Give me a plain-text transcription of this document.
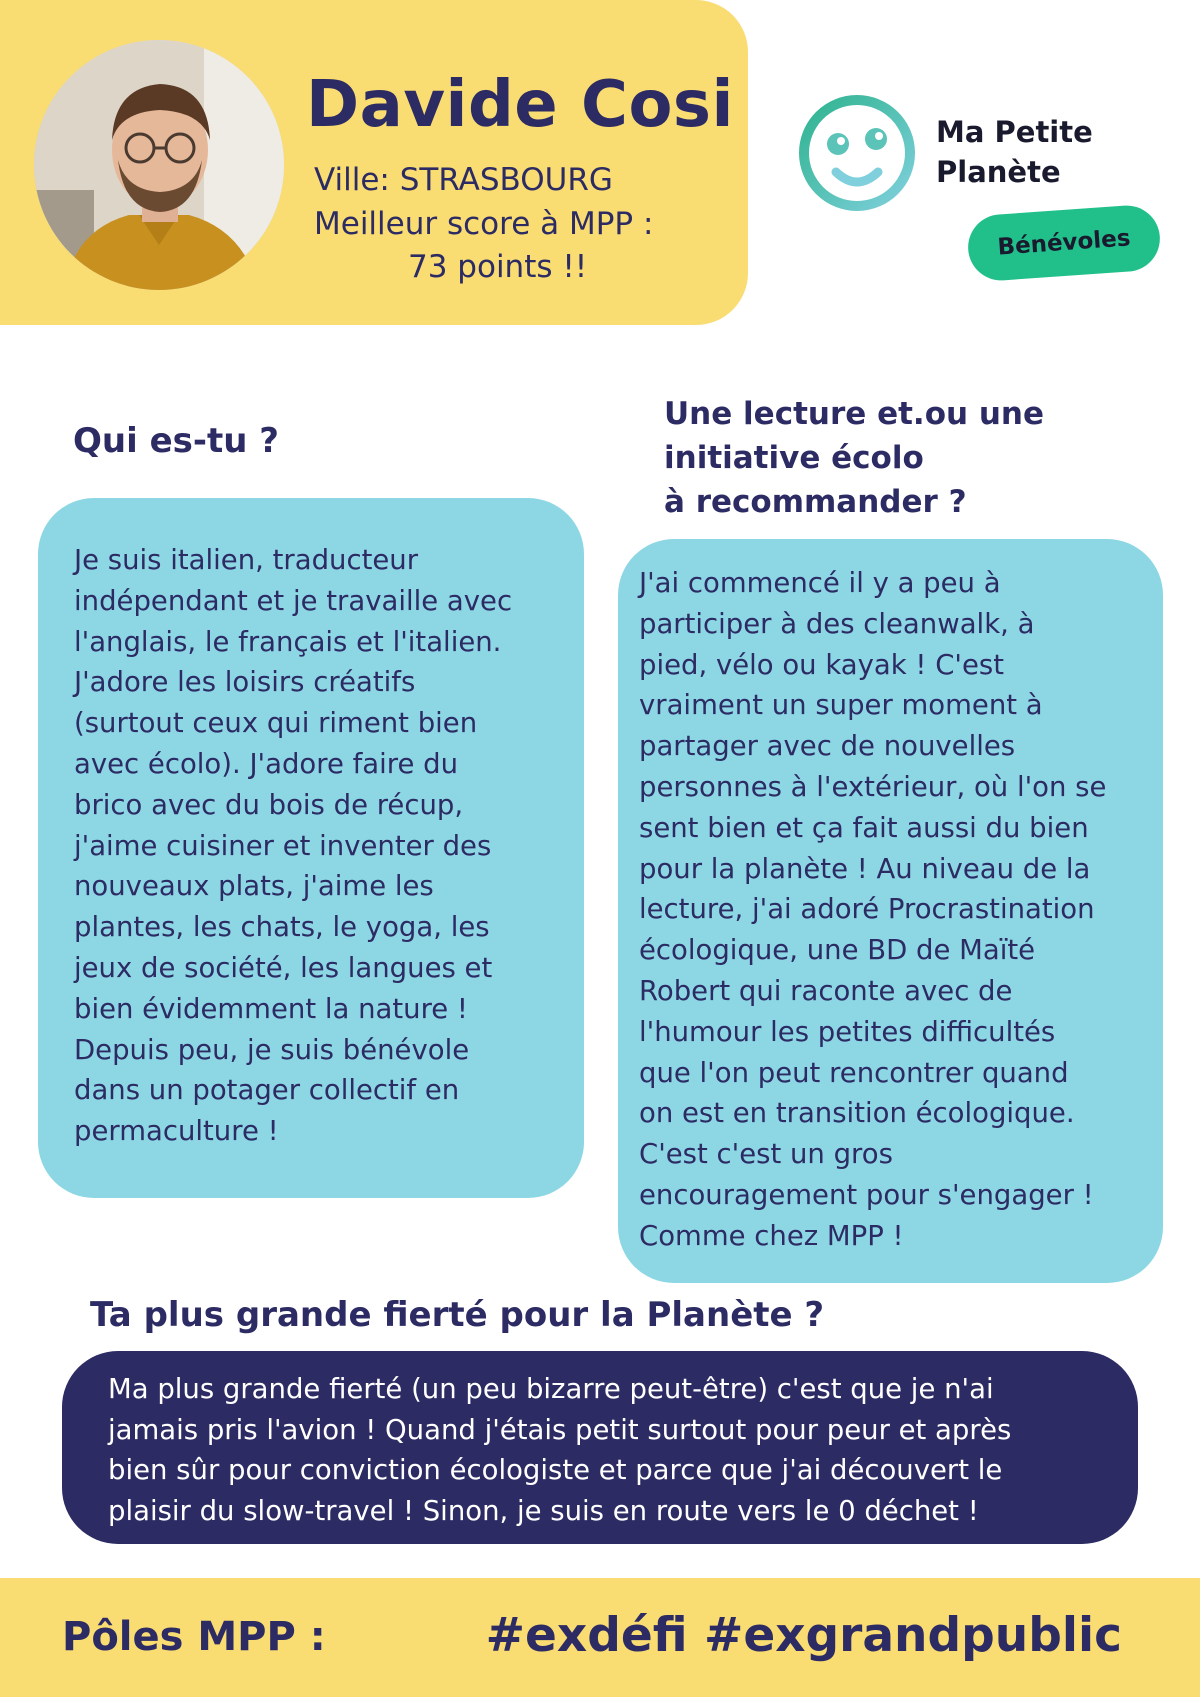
Davide Cosi
Ville: STRASBOURG
Meilleur score à MPP :
73 points !!
Ma Petite
Planète
Bénévoles
Qui es-tu ?
Je suis italien, traducteur
indépendant et je travaille avec
l'anglais, le français et l'italien.
J'adore les loisirs créatifs
(surtout ceux qui riment bien
avec écolo). J'adore faire du
brico avec du bois de récup,
j'aime cuisiner et inventer des
nouveaux plats, j'aime les
plantes, les chats, le yoga, les
jeux de société, les langues et
bien évidemment la nature !
Depuis peu, je suis bénévole
dans un potager collectif en
permaculture !
Une lecture et.ou une
initiative écolo
à recommander ?
J'ai commencé il y a peu à
participer à des cleanwalk, à
pied, vélo ou kayak ! C'est
vraiment un super moment à
partager avec de nouvelles
personnes à l'extérieur, où l'on se
sent bien et ça fait aussi du bien
pour la planète ! Au niveau de la
lecture, j'ai adoré Procrastination
écologique, une BD de Maïté
Robert qui raconte avec de
l'humour les petites difficultés
que l'on peut rencontrer quand
on est en transition écologique.
C'est c'est un gros
encouragement pour s'engager !
Comme chez MPP !
Ta plus grande fierté pour la Planète ?
Ma plus grande fierté (un peu bizarre peut-être) c'est que je n'ai
jamais pris l'avion ! Quand j'étais petit surtout pour peur et après
bien sûr pour conviction écologiste et parce que j'ai découvert le
plaisir du slow-travel ! Sinon, je suis en route vers le 0 déchet !
Pôles MPP :	#exdéfi #exgrandpublic
